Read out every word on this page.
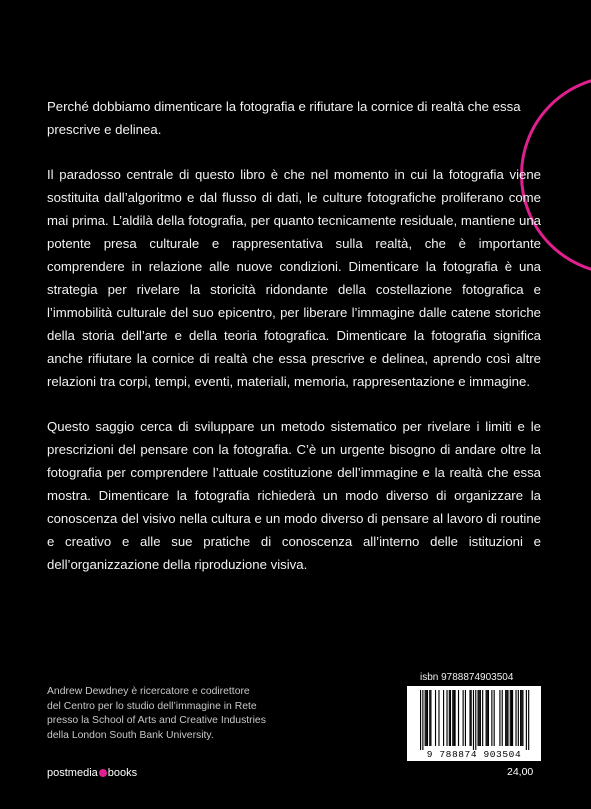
Perché dobbiamo dimenticare la fotografia e rifiutare la cornice di realtà che essa prescrive e delinea.

Il paradosso centrale di questo libro è che nel momento in cui la fotografia viene sostituita dall’algoritmo e dal flusso di dati, le culture fotografiche proliferano come mai prima. L’aldilà della fotografia, per quanto tecnicamente residuale, mantiene una potente presa culturale e rappresentativa sulla realtà, che è importante comprendere in relazione alle nuove condizioni. Dimenticare la fotografia è una strategia per rivelare la storicità ridondante della costellazione fotografica e l’immobilità culturale del suo epicentro, per liberare l’immagine dalle catene storiche della storia dell’arte e della teoria fotografica. Dimenticare la fotografia significa anche rifiutare la cornice di realtà che essa prescrive e delinea, aprendo così altre relazioni tra corpi, tempi, eventi, materiali, memoria, rappresentazione e immagine.

Questo saggio cerca di sviluppare un metodo sistematico per rivelare i limiti e le prescrizioni del pensare con la fotografia. C’è un urgente bisogno di andare oltre la fotografia per comprendere l’attuale costituzione dell’immagine e la realtà che essa mostra. Dimenticare la fotografia richiederà un modo diverso di organizzare la conoscenza del visivo nella cultura e un modo diverso di pensare al lavoro di routine e creativo e alle sue pratiche di conoscenza all’interno delle istituzioni e dell’organizzazione della riproduzione visiva.

Andrew Dewdney è ricercatore e codirettore
del Centro per lo studio dell’immagine in Rete
presso la School of Arts and Creative Industries
della London South Bank University.
postmedia books
isbn 9788874903504
9 788874 903504
24,00
